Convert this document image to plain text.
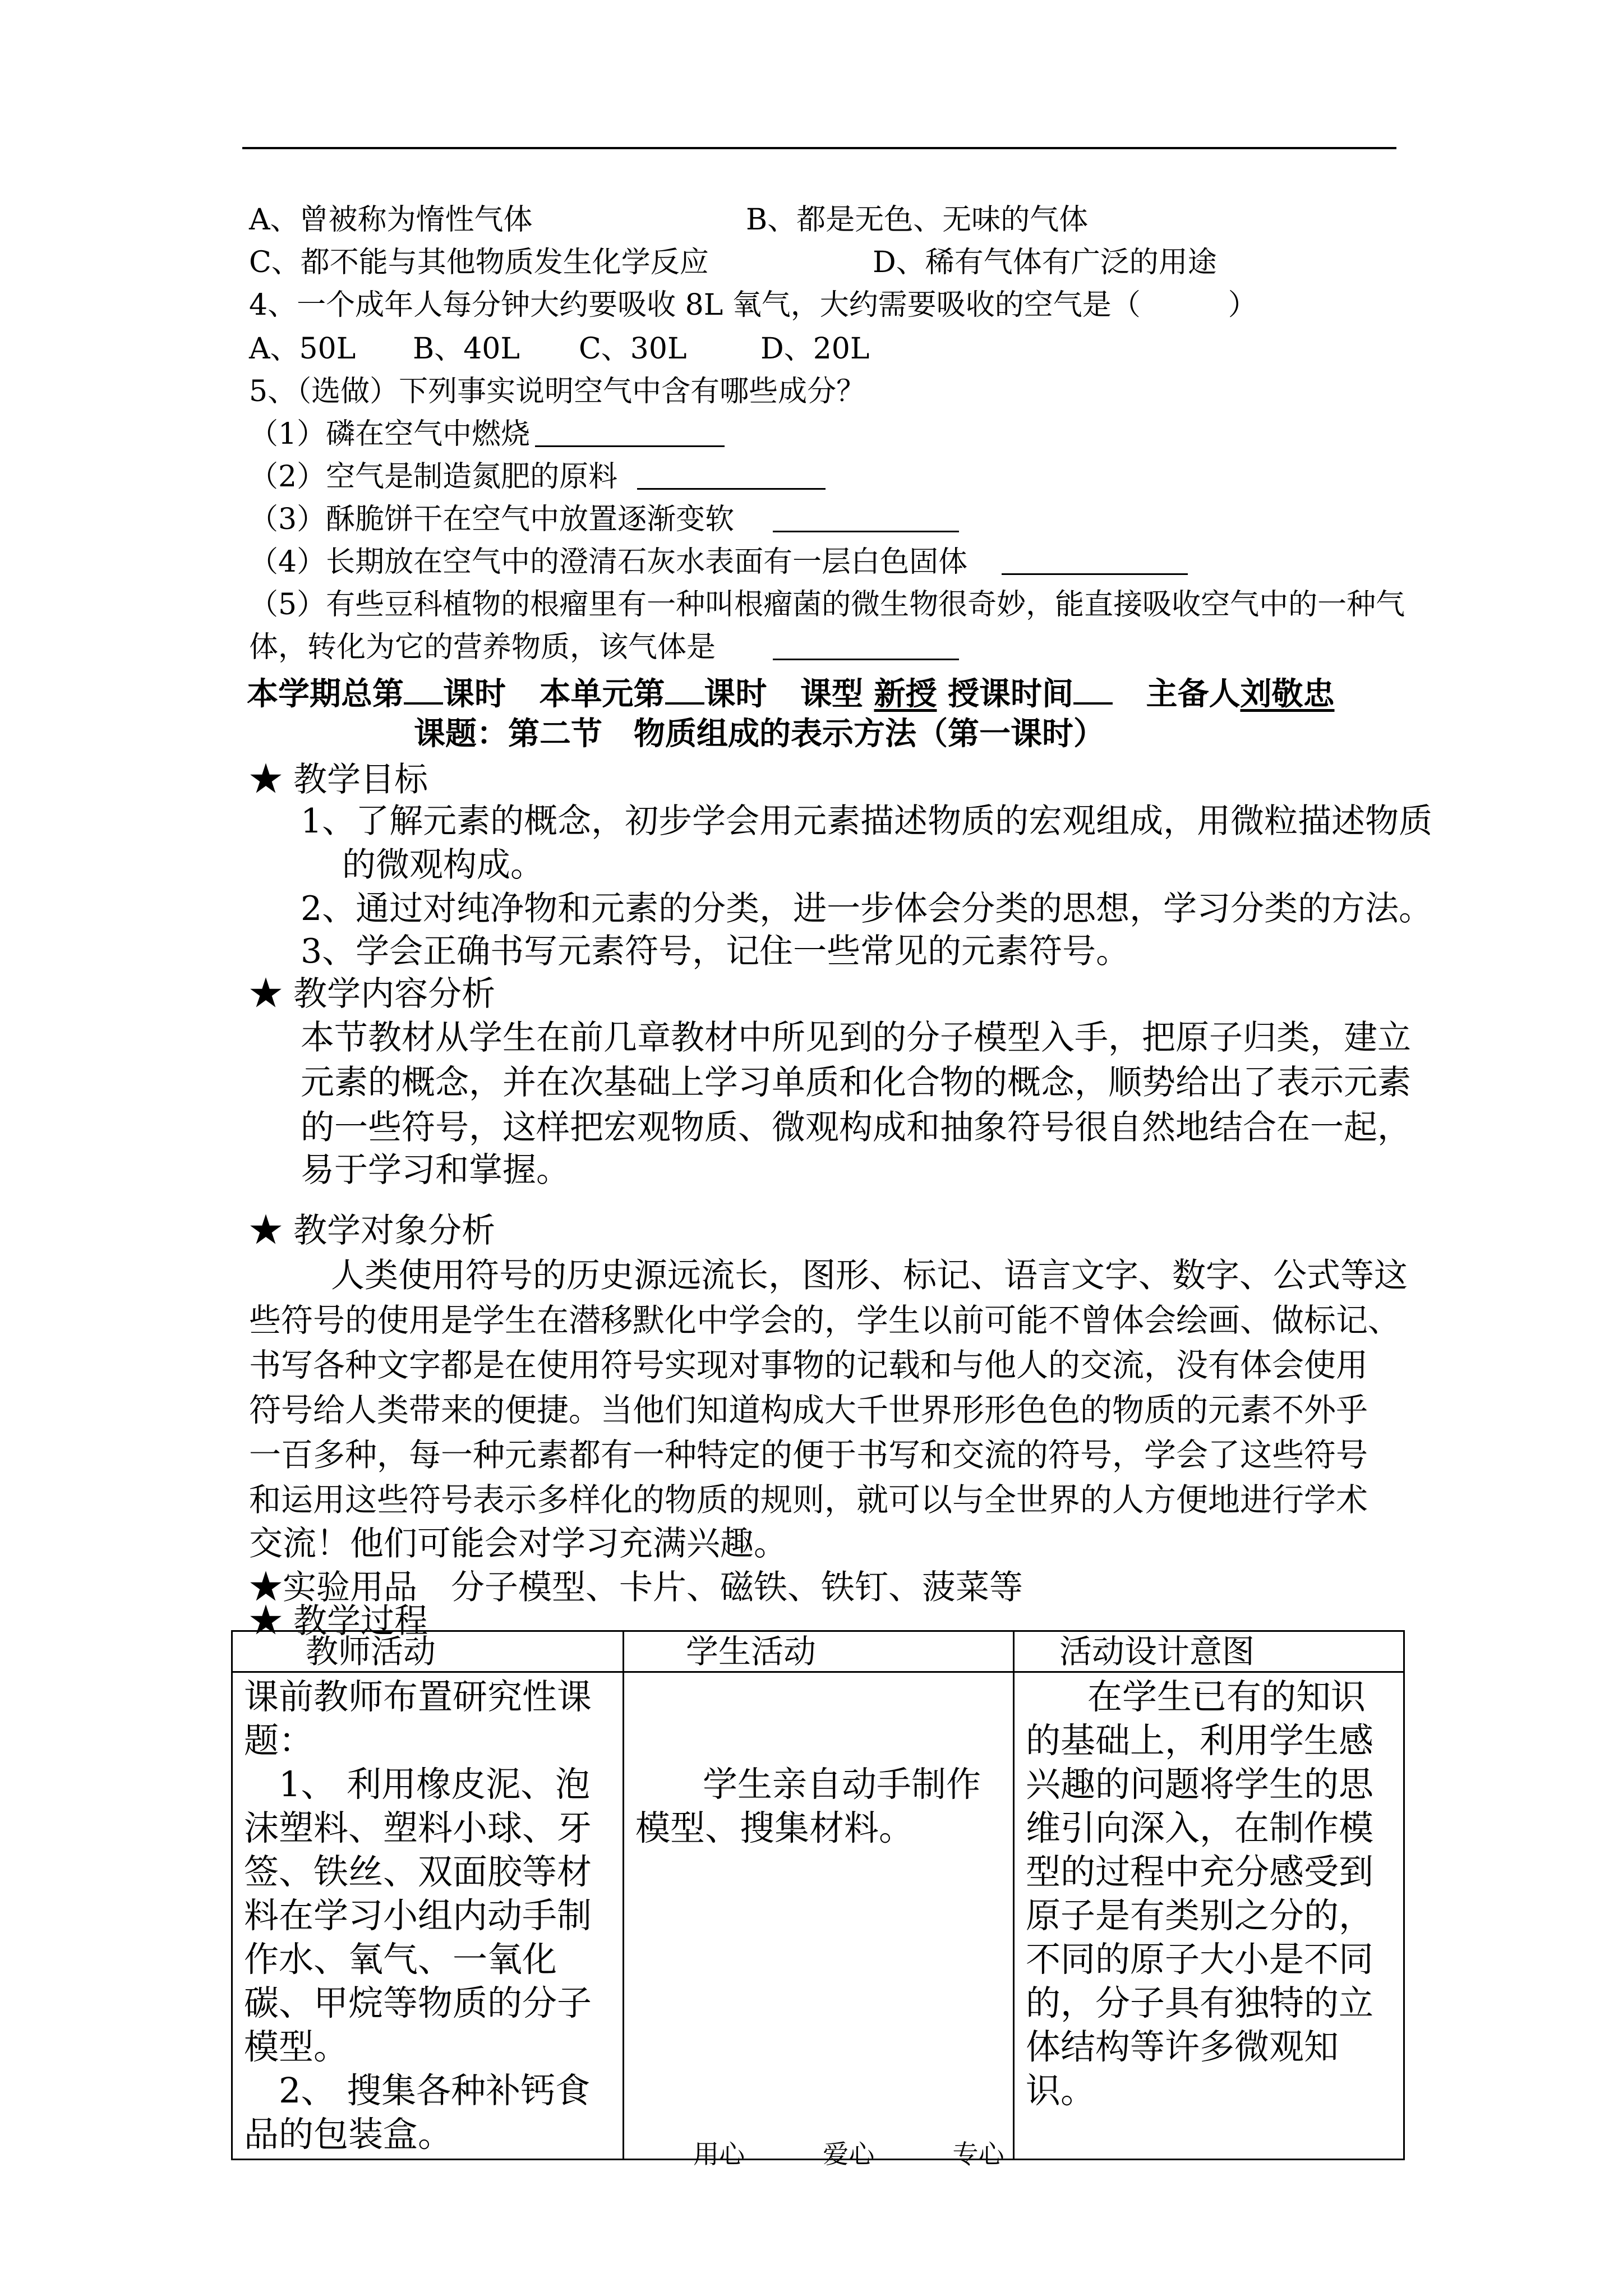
A、曾被称为惰性气体	B、都是无色、无味的气体
C、都不能与其他物质发生化学反应	D、稀有气体有广泛的用途
4、一个成年人每分钟大约要吸收 8L 氧气，大约需要吸收的空气是（　　　）
A、50L B、40L C、30L	D、20L
5、（选做）下列事实说明空气中含有哪些成分？
（1）磷在空气中燃烧
（2）空气是制造氮肥的原料
（3）酥脆饼干在空气中放置逐渐变软
（4）长期放在空气中的澄清石灰水表面有一层白色固体
（5）有些豆科植物的根瘤里有一种叫根瘤菌的微生物很奇妙，能直接吸收空气中的一种气
体，转化为它的营养物质，该气体是
本学期总第 课时 本单元第 课时 课型 新授 授课时间 主备人刘敬忠
课题：第二节　物质组成的表示方法（第一课时）
★ 教学目标
1、了解元素的概念，初步学会用元素描述物质的宏观组成，用微粒描述物质
的微观构成。
2、通过对纯净物和元素的分类，进一步体会分类的思想，学习分类的方法。
3、学会正确书写元素符号，记住一些常见的元素符号。
★ 教学内容分析
本节教材从学生在前几章教材中所见到的分子模型入手，把原子归类，建立
元素的概念，并在次基础上学习单质和化合物的概念，顺势给出了表示元素
的一些符号，这样把宏观物质、微观构成和抽象符号很自然地结合在一起，
易于学习和掌握。
★ 教学对象分析
人类使用符号的历史源远流长，图形、标记、语言文字、数字、公式等这
些符号的使用是学生在潜移默化中学会的，学生以前可能不曾体会绘画、做标记、
书写各种文字都是在使用符号实现对事物的记载和与他人的交流，没有体会使用
符号给人类带来的便捷。当他们知道构成大千世界形形色色的物质的元素不外乎
一百多种，每一种元素都有一种特定的便于书写和交流的符号，学会了这些符号
和运用这些符号表示多样化的物质的规则，就可以与全世界的人方便地进行学术
交流！他们可能会对学习充满兴趣。
★实验用品　分子模型、卡片、磁铁、铁钉、菠菜等
★ 教学过程
教师活动	学生活动	活动设计意图
课前教师布置研究性课题：
　1、 利用橡皮泥、泡沫塑料、塑料小球、牙签、铁丝、双面胶等材料在学习小组内动手制作水、氧气、一氧化碳、甲烷等物质的分子模型。
　2、 搜集各种补钙食品的包装盒。	学生亲自动手制作模型、搜集材料。	在学生已有的知识的基础上，利用学生感兴趣的问题将学生的思维引向深入，在制作模型的过程中充分感受到原子是有类别之分的，不同的原子大小是不同的，分子具有独特的立体结构等许多微观知识。
用心	爱心	专心
